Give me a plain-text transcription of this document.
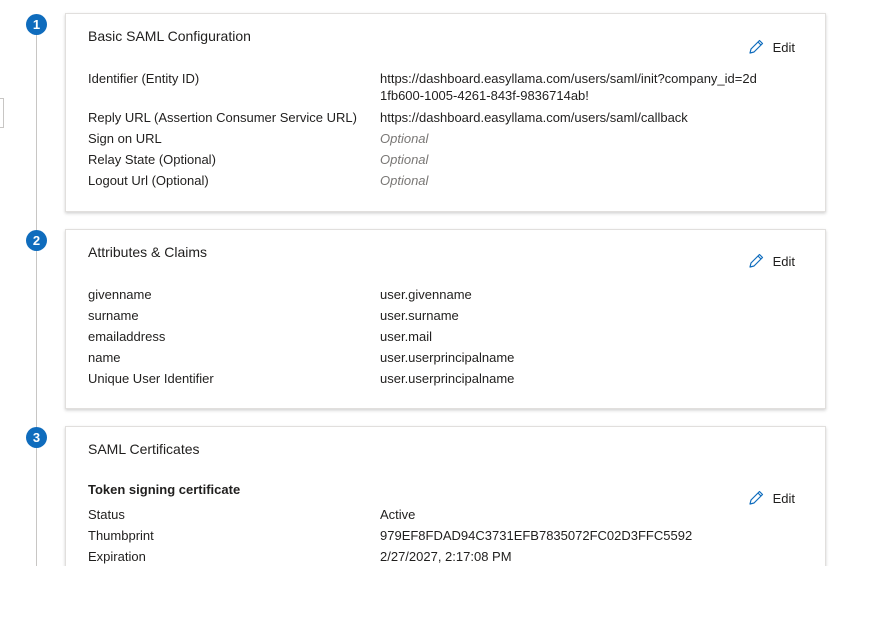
1
Basic SAML Configuration
Edit
Identifier (Entity ID)	https://dashboard.easyllama.com/users/saml/init?company_id=2d1fb600-1005-4261-843f-9836714ab!
Reply URL (Assertion Consumer Service URL)	https://dashboard.easyllama.com/users/saml/callback
Sign on URL	Optional
Relay State (Optional)	Optional
Logout Url (Optional)	Optional
2
Attributes & Claims
Edit
givenname	user.givenname
surname	user.surname
emailaddress	user.mail
name	user.userprincipalname
Unique User Identifier	user.userprincipalname
3
SAML Certificates
Token signing certificate
Edit
Status	Active
Thumbprint	979EF8FDAD94C3731EFB7835072FC02D3FFC5592
Expiration	2/27/2027, 2:17:08 PM
